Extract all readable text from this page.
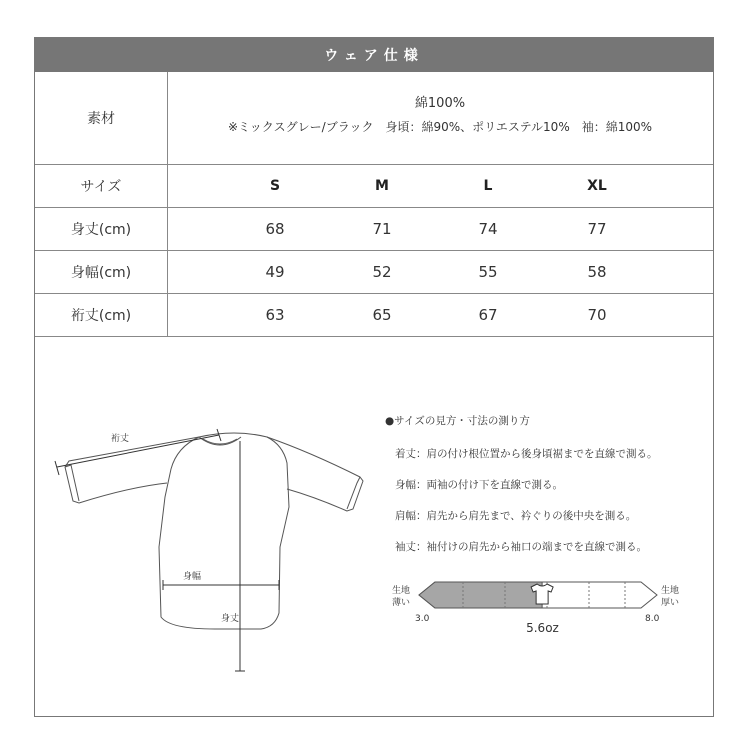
ウェア仕様
素材
綿100%
※ミックスグレー/ブラック　身頃：綿90%、ポリエステル10%　袖：綿100%
サイズ	S	M	L	XL
身丈(cm)	68	71	74	77
身幅(cm)	49	52	55	58
裄丈(cm)	63	65	67	70
裄丈
身幅
身丈
●サイズの見方・寸法の測り方
着丈：肩の付け根位置から後身頃裾までを直線で測る。
身幅：両袖の付け下を直線で測る。
肩幅：肩先から肩先まで、衿ぐりの後中央を測る。
袖丈：袖付けの肩先から袖口の端までを直線で測る。
生地
薄い
生地
厚い
3.0	8.0
5.6oz
